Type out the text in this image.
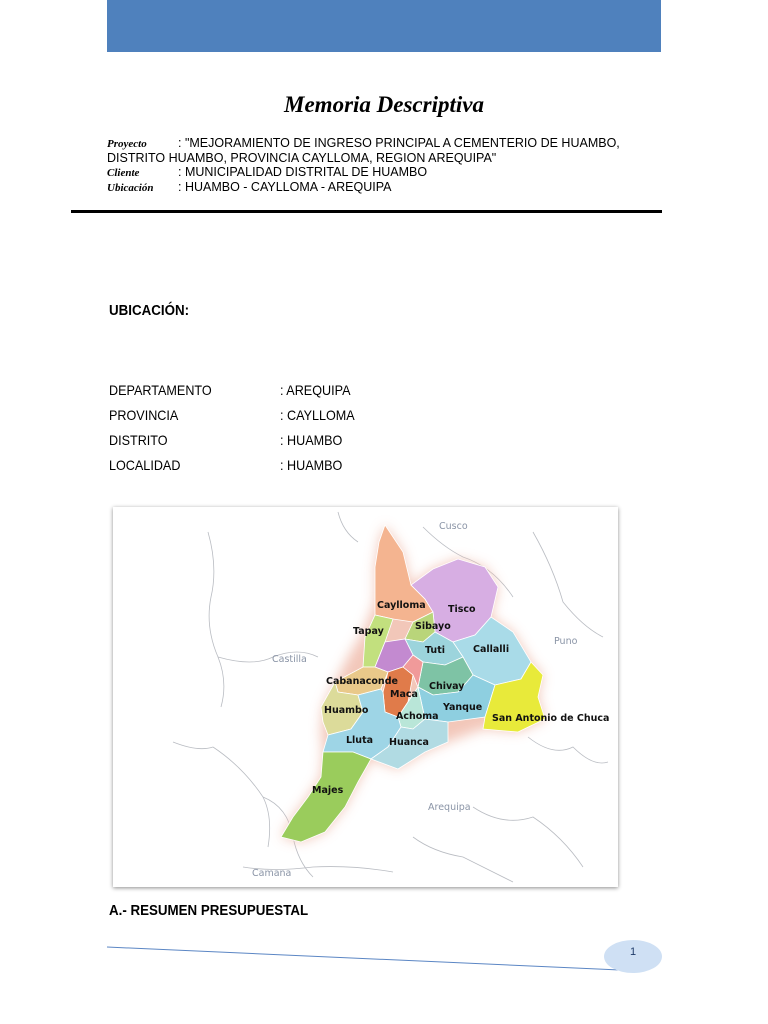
Memoria Descriptiva
Proyecto	: "MEJORAMIENTO DE INGRESO PRINCIPAL A CEMENTERIO DE HUAMBO,
DISTRITO HUAMBO, PROVINCIA CAYLLOMA, REGION AREQUIPA"
Cliente	: MUNICIPALIDAD DISTRITAL DE HUAMBO
Ubicación : HUAMBO - CAYLLOMA - AREQUIPA
UBICACIÓN:
DEPARTAMENTO	: AREQUIPA
PROVINCIA	: CAYLLOMA
DISTRITO	: HUAMBO
LOCALIDAD	: HUAMBO
Cusco
Puno
Castilla
Arequipa
Camana
Caylloma Tisco
Sibayo
Tapay
Tuti	Callalli
Cabanaconde	Chivay
Maca
Huambo	Yanque
Achoma	San Antonio de Chuca
Lluta Huanca
Majes
A.- RESUMEN PRESUPUESTAL
1
